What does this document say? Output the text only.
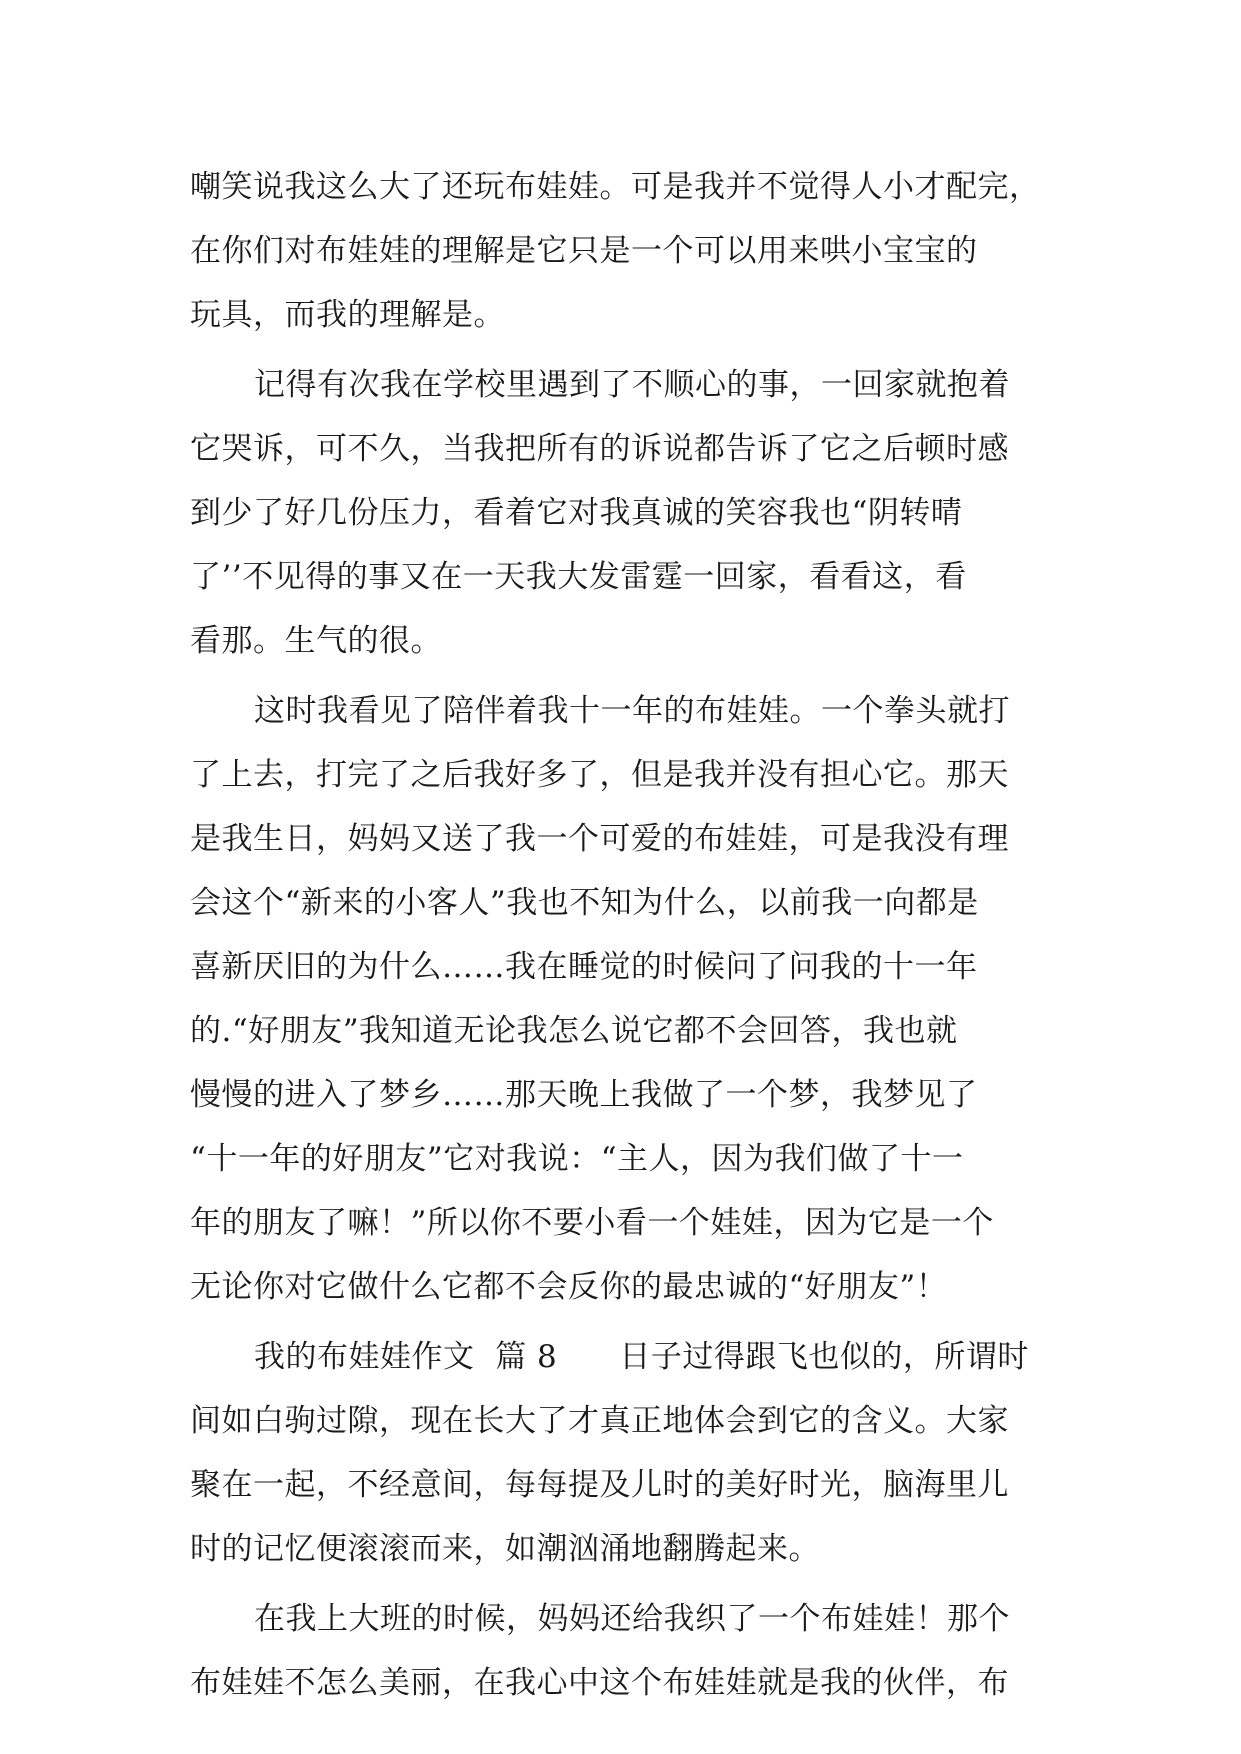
嘲笑说我这么大了还玩布娃娃。可是我并不觉得人小才配完，
在你们对布娃娃的理解是它只是一个可以用来哄小宝宝的
玩具，而我的理解是。
记得有次我在学校里遇到了不顺心的事，一回家就抱着
它哭诉，可不久，当我把所有的诉说都告诉了它之后顿时感
到少了好几份压力，看着它对我真诚的笑容我也“阴转晴
了’’不见得的事又在一天我大发雷霆一回家，看看这，看
看那。生气的很。
这时我看见了陪伴着我十一年的布娃娃。一个拳头就打
了上去，打完了之后我好多了，但是我并没有担心它。那天
是我生日，妈妈又送了我一个可爱的布娃娃，可是我没有理
会这个“新来的小客人”我也不知为什么，以前我一向都是
喜新厌旧的为什么……我在睡觉的时候问了问我的十一年
的.“好朋友”我知道无论我怎么说它都不会回答，我也就
慢慢的进入了梦乡……那天晚上我做了一个梦，我梦见了
“十一年的好朋友”它对我说：“主人，因为我们做了十一
年的朋友了嘛！”所以你不要小看一个娃娃，因为它是一个
无论你对它做什么它都不会反你的最忠诚的“好朋友”！
我的布娃娃作文  篇 8      日子过得跟飞也似的，所谓时
间如白驹过隙，现在长大了才真正地体会到它的含义。大家
聚在一起，不经意间，每每提及儿时的美好时光，脑海里儿
时的记忆便滚滚而来，如潮汹涌地翻腾起来。
在我上大班的时候，妈妈还给我织了一个布娃娃！那个
布娃娃不怎么美丽，在我心中这个布娃娃就是我的伙伴，布
